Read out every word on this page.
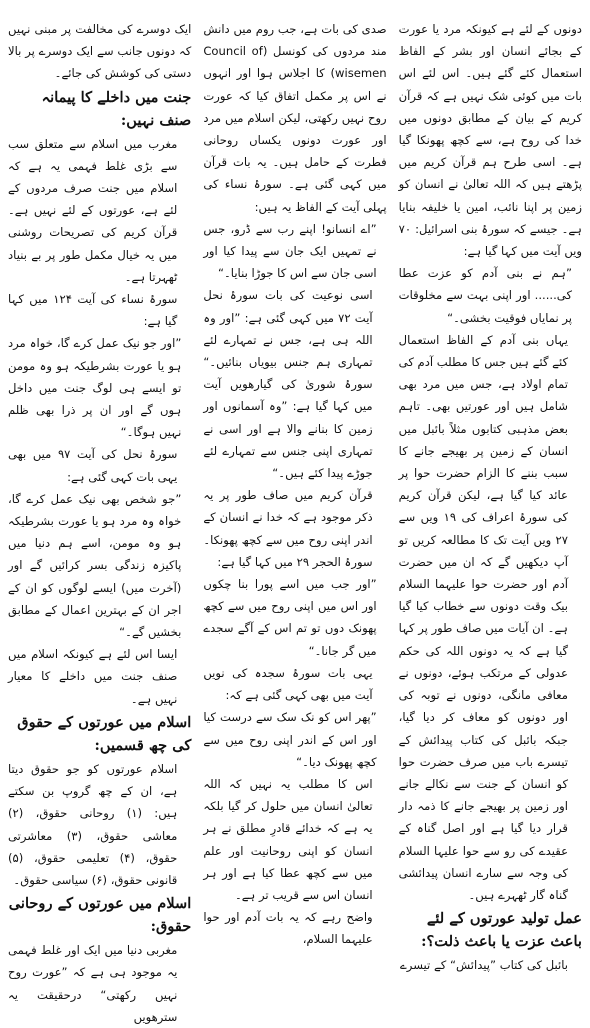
ایک دوسرے کی مخالفت پر مبنی نہیں کہ دونوں جانب سے ایک دوسرے پر بالا دستی کی کوشش کی جائے۔

جنت میں داخلے کا پیمانہ صنف نہیں:

مغرب میں اسلام سے متعلق سب سے بڑی غلط فہمی یہ ہے کہ اسلام میں جنت صرف مردوں کے لئے ہے، عورتوں کے لئے نہیں ہے۔ قرآن کریم کی تصریحات روشنی میں یہ خیال مکمل طور پر بے بنیاد ٹھہرتا ہے۔

سورۂ نساء کی آیت ۱۲۴ میں کہا گیا ہے:

”اور جو نیک عمل کرے گا، خواہ مرد ہو یا عورت بشرطیکہ ہو وہ مومن تو ایسے ہی لوگ جنت میں داخل ہوں گے اور ان پر ذرا بھی ظلم نہیں ہوگا۔“

سورۂ نحل کی آیت ۹۷ میں بھی یہی بات کہی گئی ہے:

”جو شخص بھی نیک عمل کرے گا، خواہ وہ مرد ہو یا عورت بشرطیکہ ہو وہ مومن، اسے ہم دنیا میں پاکیزہ زندگی بسر کرائیں گے اور (آخرت میں) ایسے لوگوں کو ان کے اجر ان کے بہترین اعمال کے مطابق بخشیں گے۔“

ایسا اس لئے ہے کیونکہ اسلام میں صنف جنت میں داخلے کا معیار نہیں ہے۔

اسلام میں عورتوں کے حقوق کی چھ قسمیں:

اسلام عورتوں کو جو حقوق دیتا ہے، ان کے چھ گروپ بن سکتے ہیں: (۱) روحانی حقوق، (۲) معاشی حقوق، (۳) معاشرتی حقوق، (۴) تعلیمی حقوق، (۵) قانونی حقوق، (۶) سیاسی حقوق۔

اسلام میں عورتوں کے روحانی حقوق:

مغربی دنیا میں ایک اور غلط فہمی یہ موجود ہی ہے کہ ”عورت روح نہیں رکھتی“ درحقیقت یہ سترھویں

صدی کی بات ہے، جب روم میں دانش مند مردوں کی کونسل (Council of wisemen) کا اجلاس ہوا اور انہوں نے اس پر مکمل اتفاق کیا کہ عورت روح نہیں رکھتی، لیکن اسلام میں مرد اور عورت دونوں یکساں روحانی فطرت کے حامل ہیں۔ یہ بات قرآن میں کہی گئی ہے۔ سورۂ نساء کی پہلی آیت کے الفاظ یہ ہیں:

”اے انسانو! اپنے رب سے ڈرو، جس نے تمہیں ایک جان سے پیدا کیا اور اسی جان سے اس کا جوڑا بنایا۔“

اسی نوعیت کی بات سورۂ نحل آیت ۷۲ میں کہی گئی ہے: ”اور وہ اللہ ہی ہے، جس نے تمہارے لئے تمہاری ہم جنس بیویاں بنائیں۔“ سورۂ شوریٰ کی گیارھویں آیت میں کہا گیا ہے: ”وہ آسمانوں اور زمین کا بنانے والا ہے اور اسی نے تمہاری اپنی جنس سے تمہارے لئے جوڑے پیدا کئے ہیں۔“

قرآن کریم میں صاف طور پر یہ ذکر موجود ہے کہ خدا نے انسان کے اندر اپنی روح میں سے کچھ پھونکا۔ سورۂ الحجر ۲۹ میں کہا گیا ہے:

”اور جب میں اسے پورا بنا چکوں اور اس میں اپنی روح میں سے کچھ پھونک دوں تو تم اس کے آگے سجدے میں گر جانا۔“

یہی بات سورۂ سجدہ کی نویں آیت میں بھی کہی گئی ہے کہ:

”پھر اس کو نک سک سے درست کیا اور اس کے اندر اپنی روح میں سے کچھ پھونک دیا۔“

اس کا مطلب یہ نہیں کہ اللہ تعالیٰ انسان میں حلول کر گیا بلکہ یہ ہے کہ خدائے قادرِ مطلق نے ہر انسان کو اپنی روحانیت اور علم میں سے کچھ عطا کیا ہے اور ہر انسان اس سے قریب تر ہے۔

واضح رہے کہ یہ بات آدم اور حوا علیہما السلام،

دونوں کے لئے ہے کیونکہ مرد یا عورت کے بجائے انسان اور بشر کے الفاظ استعمال کئے گئے ہیں۔ اس لئے اس بات میں کوئی شک نہیں ہے کہ قرآن کریم کے بیان کے مطابق دونوں میں خدا کی روح ہے، سے کچھ پھونکا گیا ہے۔ اسی طرح ہم قرآن کریم میں پڑھتے ہیں کہ اللہ تعالیٰ نے انسان کو زمین پر اپنا نائب، امین یا خلیفہ بنایا ہے۔ جیسے کہ سورۂ بنی اسرائیل: ۷۰ ویں آیت میں کہا گیا ہے:

”ہم نے بنی آدم کو عزت عطا کی...... اور اپنی بہت سے مخلوقات پر نمایاں فوقیت بخشی۔“

یہاں بنی آدم کے الفاظ استعمال کئے گئے ہیں جس کا مطلب آدم کی تمام اولاد ہے، جس میں مرد بھی شامل ہیں اور عورتیں بھی۔ تاہم بعض مذہبی کتابوں مثلاً بائبل میں انسان کے زمین پر بھیجے جانے کا سبب بننے کا الزام حضرت حوا پر عائد کیا گیا ہے، لیکن قرآن کریم کی سورۂ اعراف کی ۱۹ ویں سے ۲۷ ویں آیت تک کا مطالعہ کریں تو آپ دیکھیں گے کہ ان میں حضرت آدم اور حضرت حوا علیہما السلام بیک وقت دونوں سے خطاب کیا گیا ہے۔ ان آیات میں صاف طور پر کہا گیا ہے کہ یہ دونوں اللہ کی حکم عدولی کے مرتکب ہوئے، دونوں نے معافی مانگی، دونوں نے توبہ کی اور دونوں کو معاف کر دیا گیا، جبکہ بائبل کی کتاب پیدائش کے تیسرے باب میں صرف حضرت حوا کو انسان کے جنت سے نکالے جانے اور زمین پر بھیجے جانے کا ذمہ دار قرار دیا گیا ہے اور اصل گناہ کے عقیدے کی رو سے حوا علیہا السلام کی وجہ سے سارے انسان پیدائشی گناہ گار ٹھہرے ہیں۔

عمل تولید عورتوں کے لئے باعث عزت یا باعث ذلت؟:

بائبل کی کتاب ”پیدائش“ کے تیسرے
